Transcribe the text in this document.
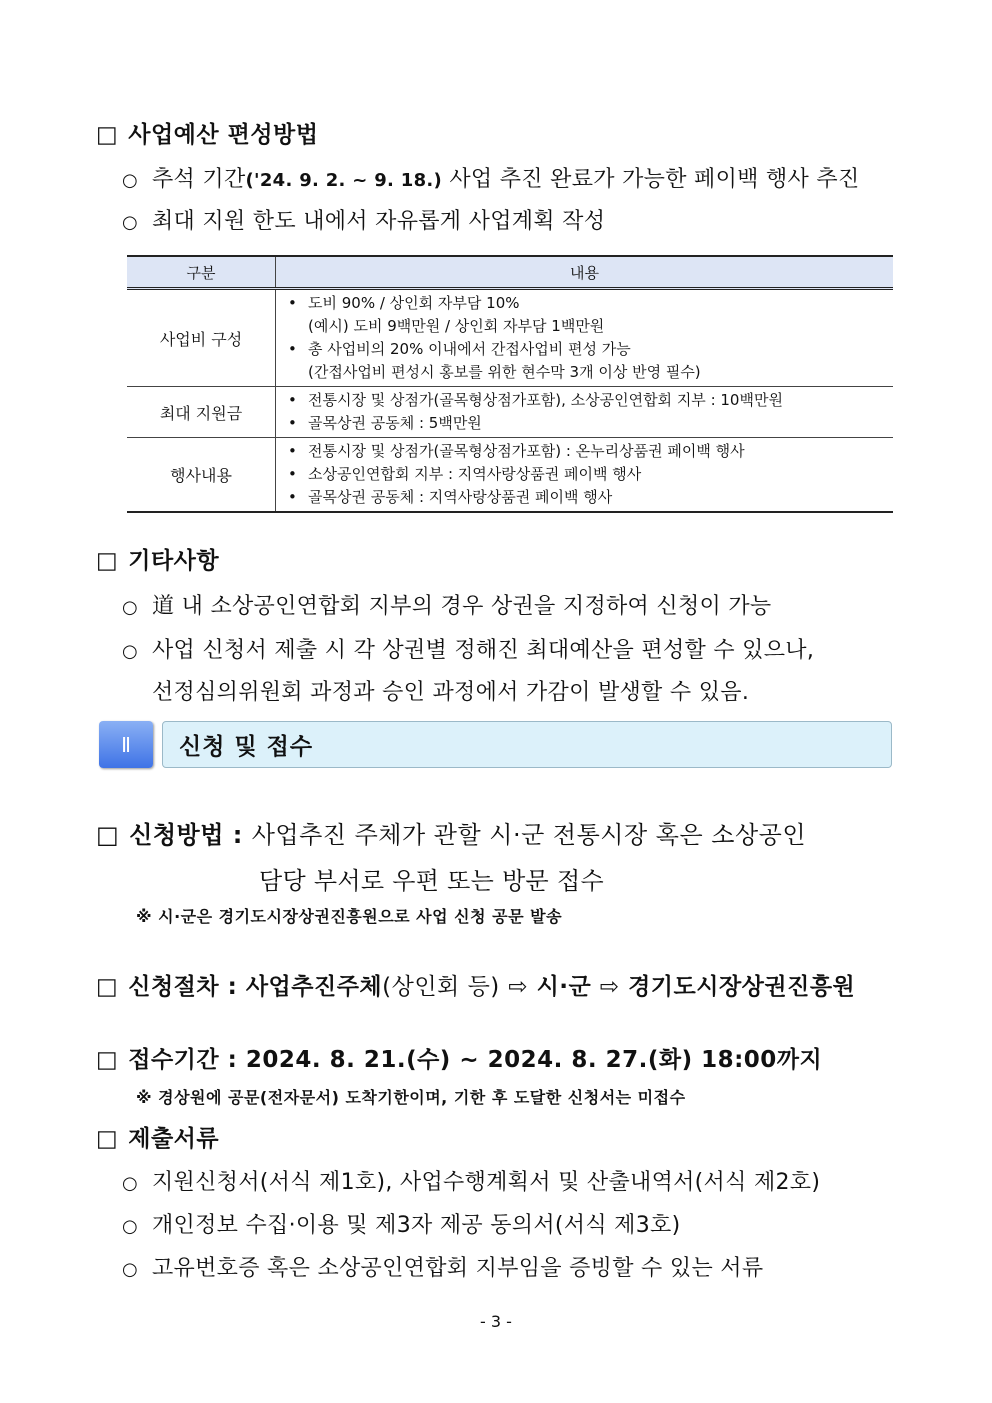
□ 사업예산 편성방법
○ 추석 기간('24. 9. 2. ~ 9. 18.) 사업 추진 완료가 가능한 페이백 행사 추진
○ 최대 지원 한도 내에서 자유롭게 사업계획 작성
구분	내용
사업비 구성	• 도비 90% / 상인회 자부담 10%
(예시) 도비 9백만원 / 상인회 자부담 1백만원
• 총 사업비의 20% 이내에서 간접사업비 편성 가능
(간접사업비 편성시 홍보를 위한 현수막 3개 이상 반영 필수)

최대 지원금	• 전통시장 및 상점가(골목형상점가포함), 소상공인연합회 지부 : 10백만원
• 골목상권 공동체 : 5백만원

행사내용	• 전통시장 및 상점가(골목형상점가포함) : 온누리상품권 페이백 행사
• 소상공인연합회 지부 : 지역사랑상품권 페이백 행사
• 골목상권 공동체 : 지역사랑상품권 페이백 행사
□ 기타사항
○ 道 내 소상공인연합회 지부의 경우 상권을 지정하여 신청이 가능
○ 사업 신청서 제출 시 각 상권별 정해진 최대예산을 편성할 수 있으나,
선정심의위원회 과정과 승인 과정에서 가감이 발생할 수 있음.
Ⅱ	신청 및 접수
□ 신청방법 : 사업추진 주체가 관할 시·군 전통시장 혹은 소상공인
담당 부서로 우편 또는 방문 접수
※ 시·군은 경기도시장상권진흥원으로 사업 신청 공문 발송
□ 신청절차 : 사업추진주체(상인회 등) ⇨ 시·군 ⇨ 경기도시장상권진흥원
□ 접수기간 : 2024. 8. 21.(수) ~ 2024. 8. 27.(화) 18:00까지
※ 경상원에 공문(전자문서) 도착기한이며, 기한 후 도달한 신청서는 미접수
□ 제출서류
○ 지원신청서(서식 제1호), 사업수행계획서 및 산출내역서(서식 제2호)
○ 개인정보 수집·이용 및 제3자 제공 동의서(서식 제3호)
○ 고유번호증 혹은 소상공인연합회 지부임을 증빙할 수 있는 서류
- 3 -
